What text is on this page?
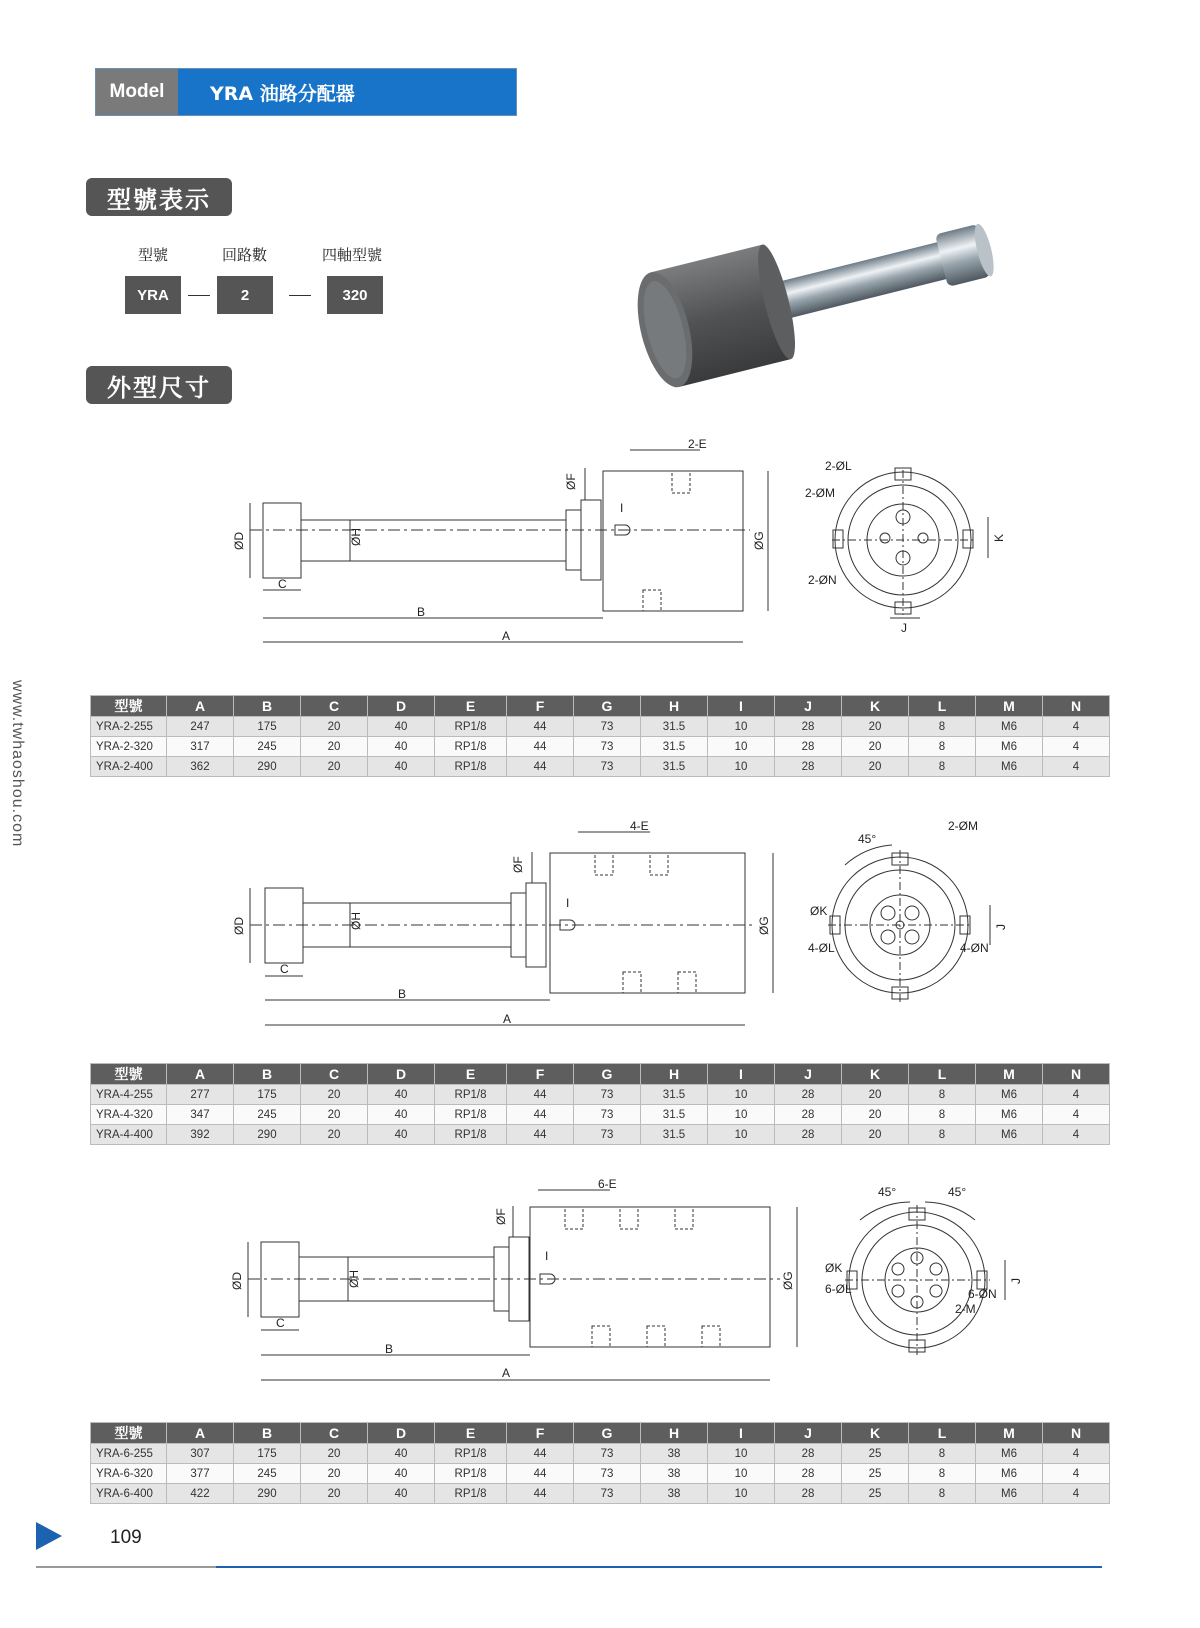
Model	YRA 油路分配器
型號表示
型號	回路數	四軸型號
YRA	2	320
外型尺寸
www.twhaoshou.com
2-E
ØF
ØD	ØH	ØG
C
B
A
I
2-ØL
2-ØM
2-ØN
K
J
型號	A	B	C	D	E	F	G	H	I	J	K	L	M	N
YRA-2-255	247	175	20	40	RP1/8	44	73	31.5	10	28	20	8	M6	4
YRA-2-320	317	245	20	40	RP1/8	44	73	31.5	10	28	20	8	M6	4
YRA-2-400	362	290	20	40	RP1/8	44	73	31.5	10	28	20	8	M6	4
4-E
ØF
ØD	ØH	ØG
C
B
A
I
45°
2-ØM
ØK
4-ØL	4-ØN
J
型號	A	B	C	D	E	F	G	H	I	J	K	L	M	N
YRA-4-255	277	175	20	40	RP1/8	44	73	31.5	10	28	20	8	M6	4
YRA-4-320	347	245	20	40	RP1/8	44	73	31.5	10	28	20	8	M6	4
YRA-4-400	392	290	20	40	RP1/8	44	73	31.5	10	28	20	8	M6	4
6-E
ØF
ØD	ØH	ØG
C
B
A
I
45°	45°
ØK
6-ØL	6-ØN
2-M
J
型號	A	B	C	D	E	F	G	H	I	J	K	L	M	N
YRA-6-255	307	175	20	40	RP1/8	44	73	38	10	28	25	8	M6	4
YRA-6-320	377	245	20	40	RP1/8	44	73	38	10	28	25	8	M6	4
YRA-6-400	422	290	20	40	RP1/8	44	73	38	10	28	25	8	M6	4
109
